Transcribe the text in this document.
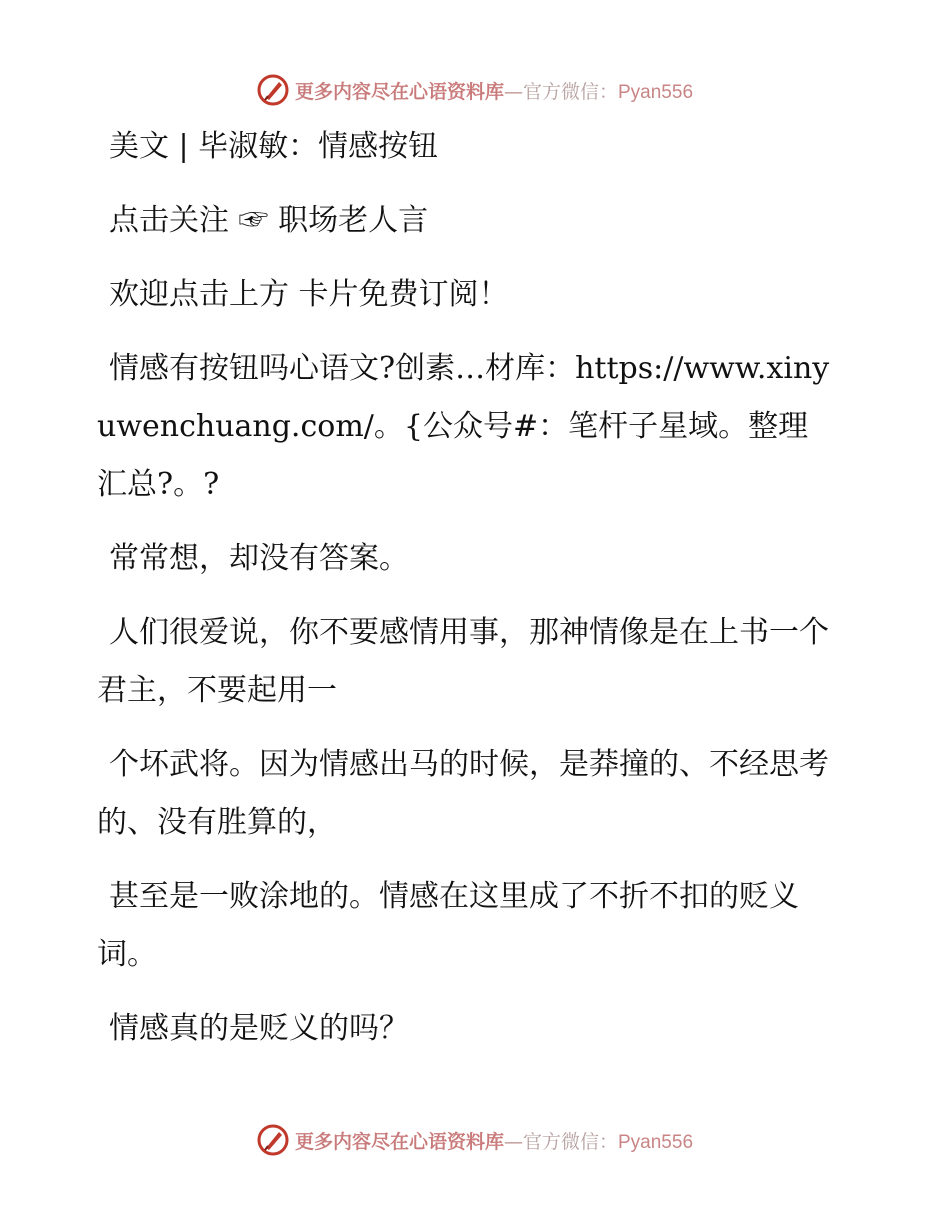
更多内容尽在心语资料库—官方微信：Pyan556

美文 | 毕淑敏：情感按钮

点击关注 ☞ 职场老人言

欢迎点击上方 卡片免费订阅！

情感有按钮吗心语文?创素…材库：https://www.xinyuwenchuang.com/。{公众号#：笔杆子星域。整理汇总?。?

常常想，却没有答案。

人们很爱说，你不要感情用事，那神情像是在上书一个君主，不要起用一

个坏武将。因为情感出马的时候，是莽撞的、不经思考的、没有胜算的，

甚至是一败涂地的。情感在这里成了不折不扣的贬义词。

情感真的是贬义的吗？

更多内容尽在心语资料库—官方微信：Pyan556
